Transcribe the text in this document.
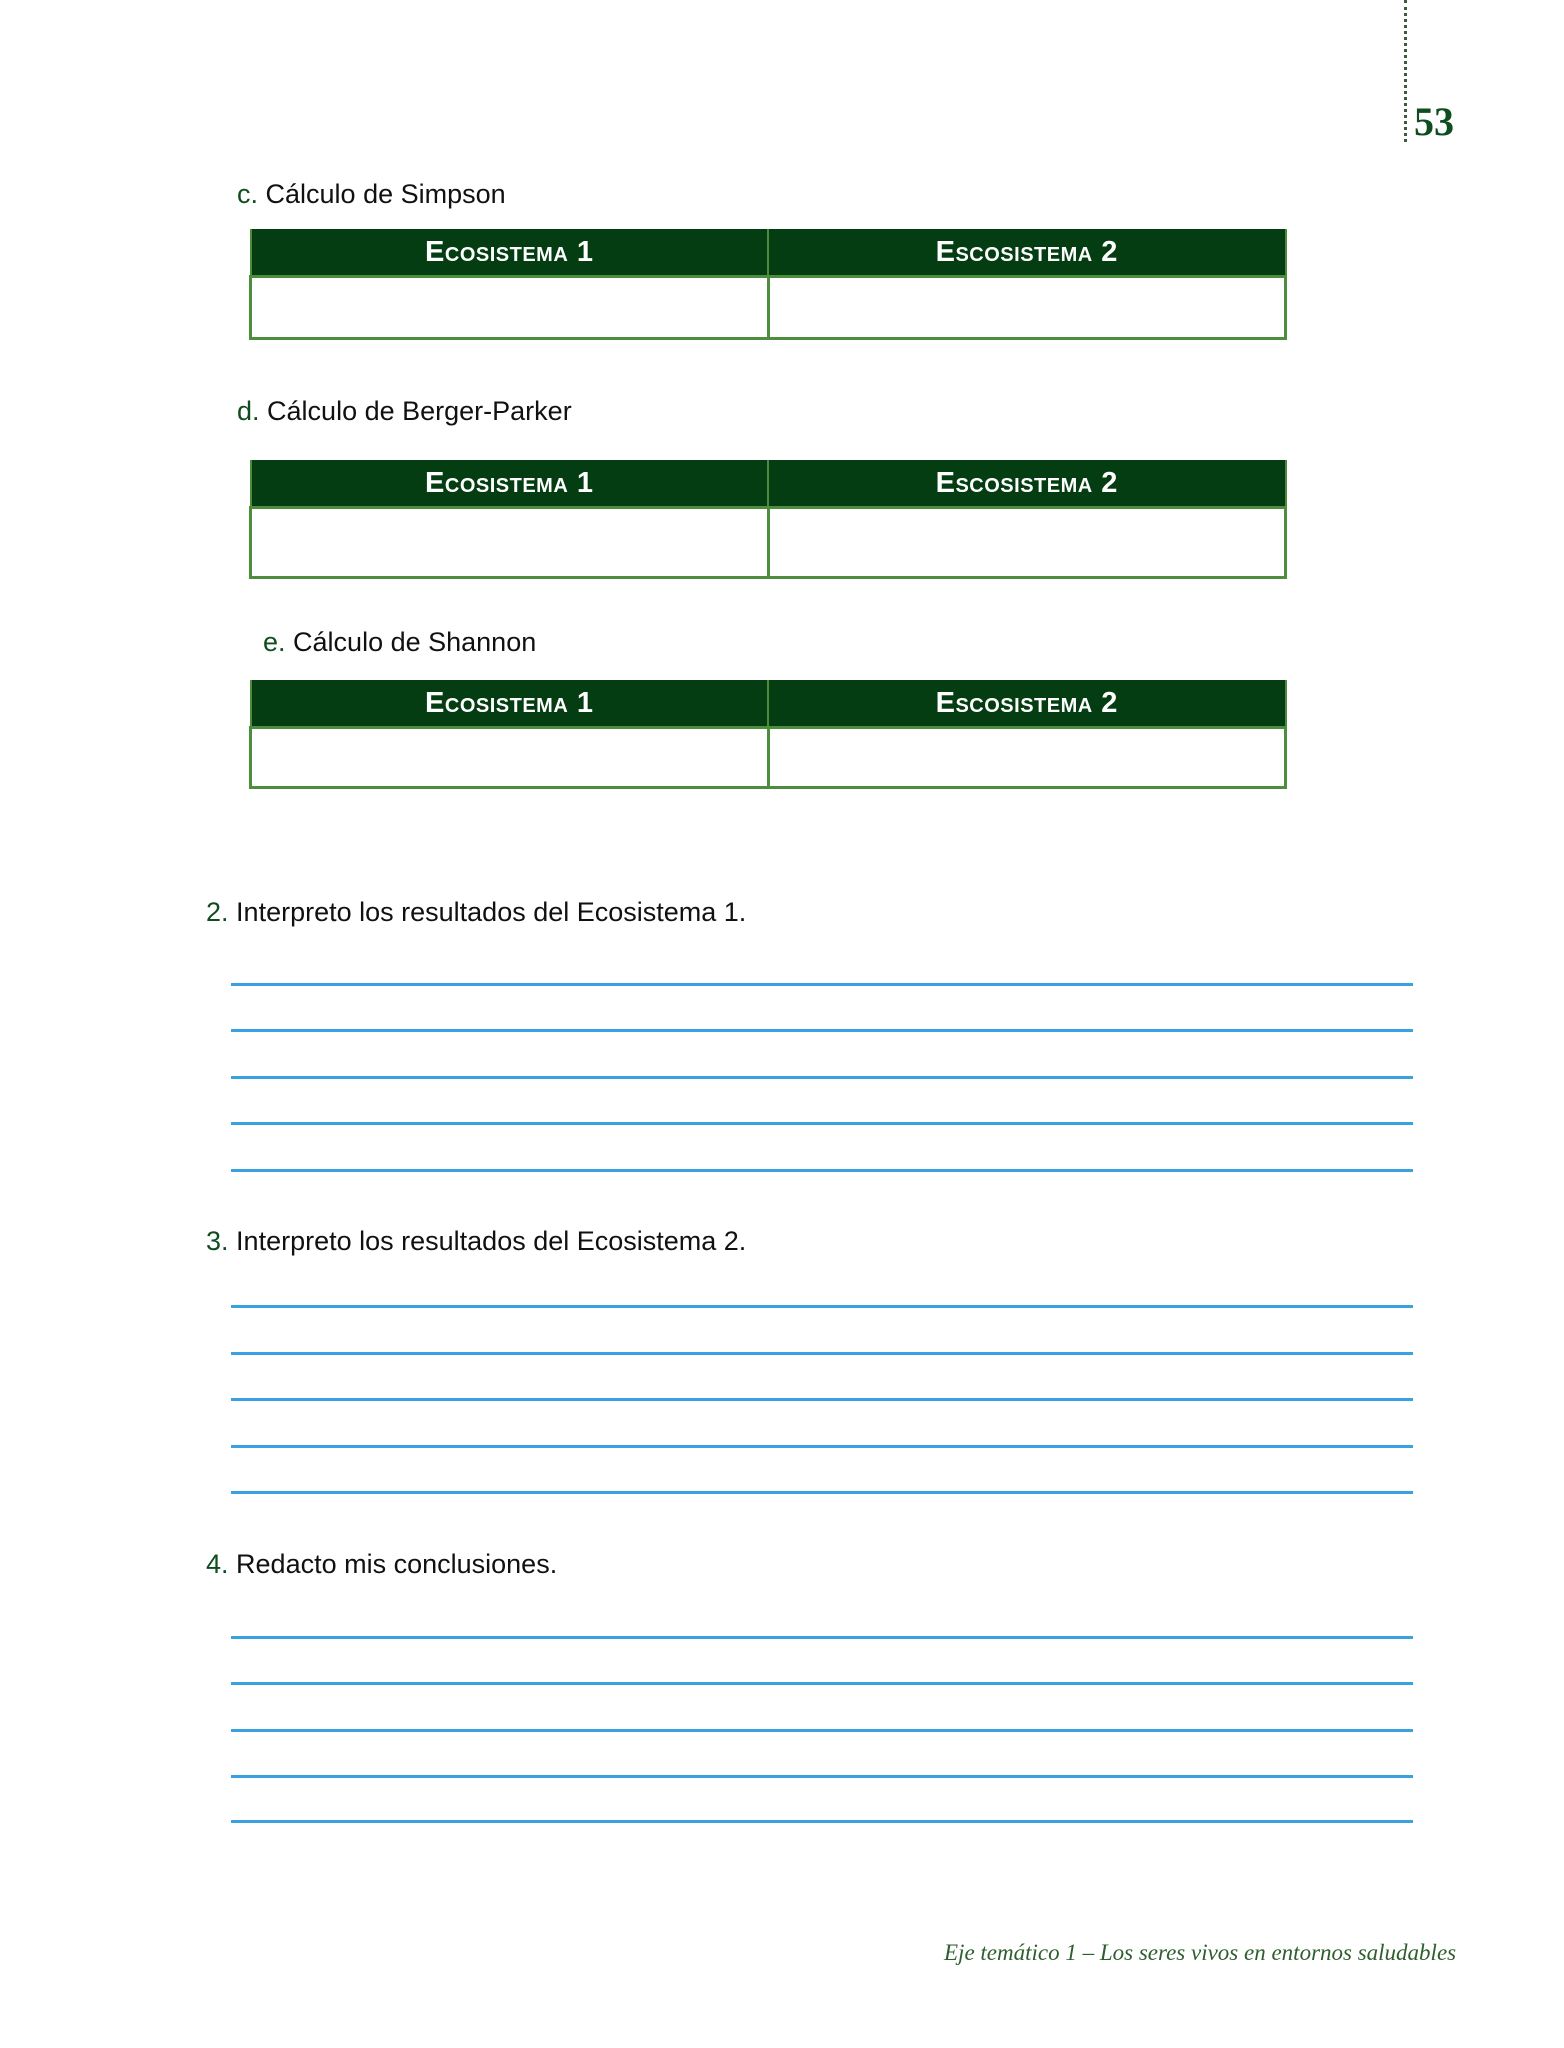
53
c. Cálculo de Simpson
Ecosistema 1	Escosistema 2

d. Cálculo de Berger-Parker
Ecosistema 1	Escosistema 2

e. Cálculo de Shannon
Ecosistema 1	Escosistema 2

2. Interpreto los resultados del Ecosistema 1.
3. Interpreto los resultados del Ecosistema 2.
4. Redacto mis conclusiones.
Eje temático 1 – Los seres vivos en entornos saludables
